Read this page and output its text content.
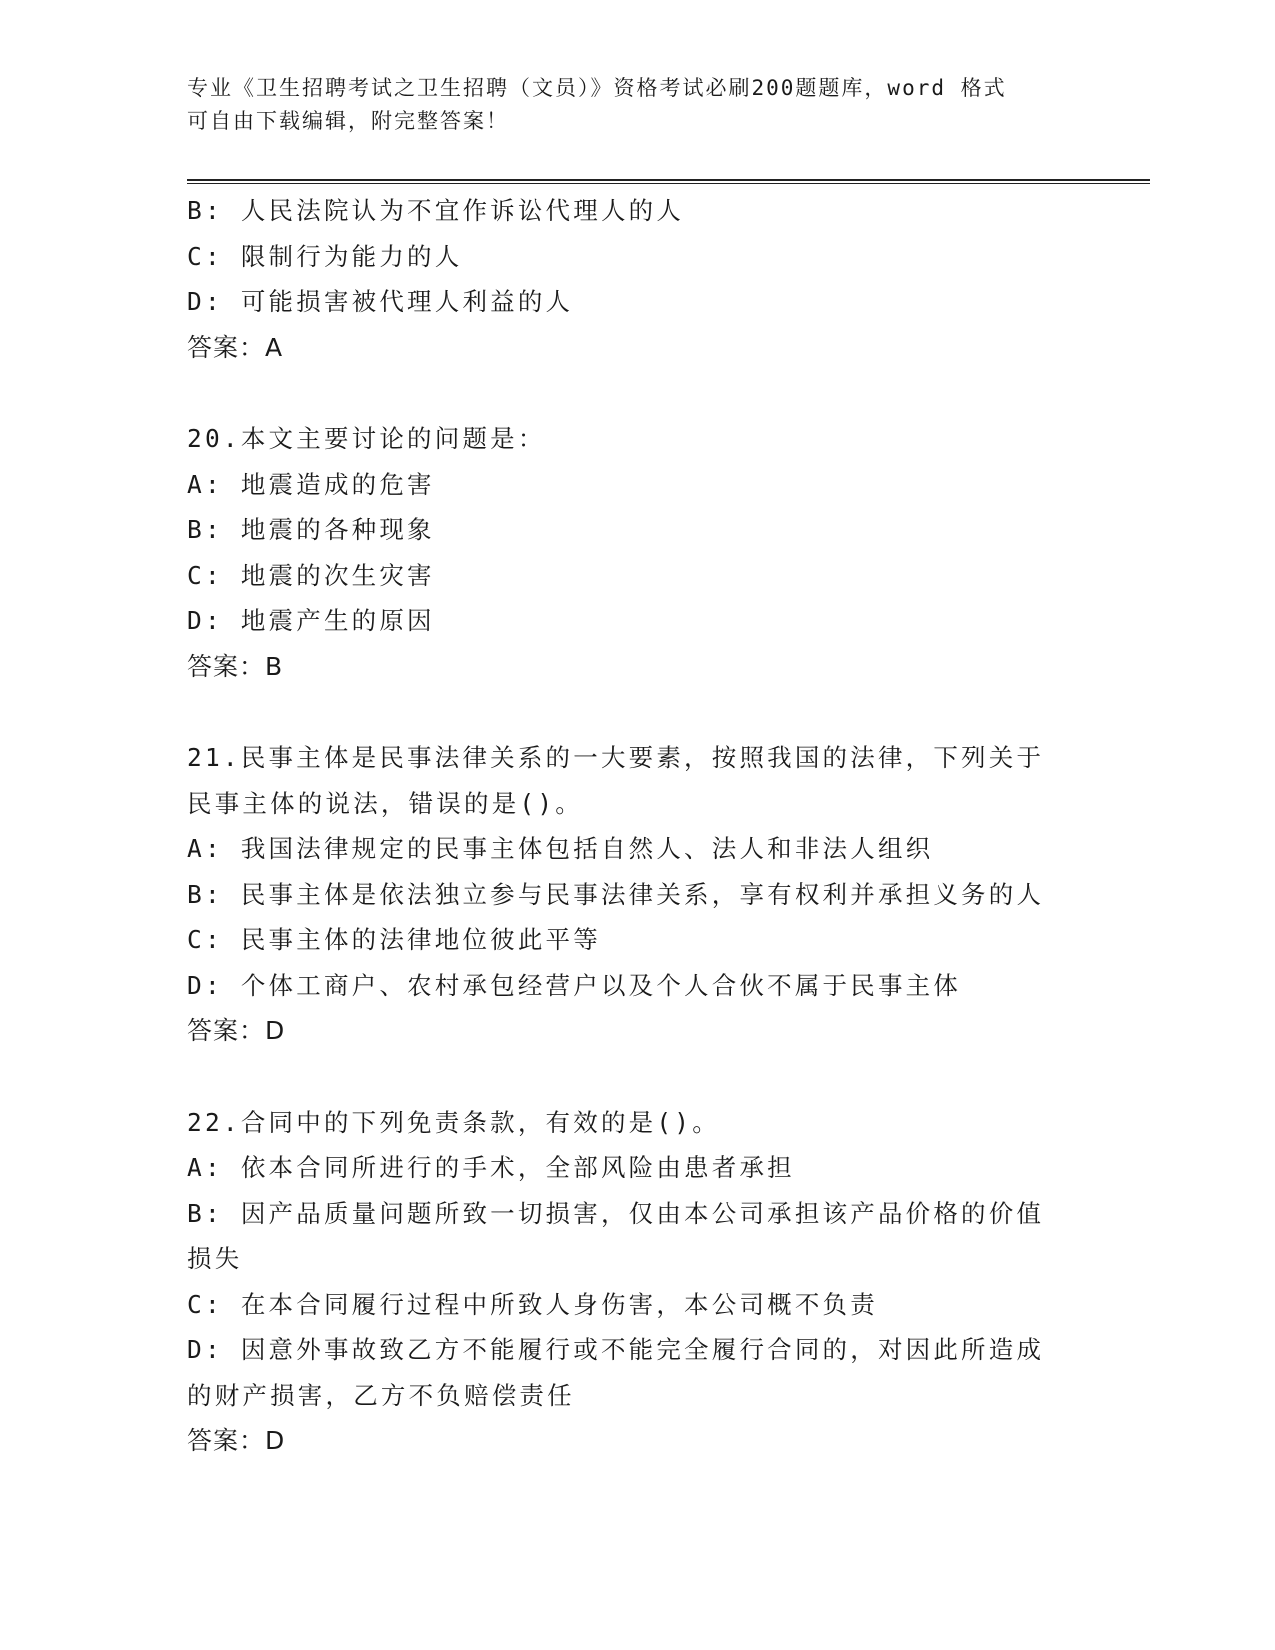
专业《卫生招聘考试之卫生招聘（文员）》资格考试必刷200题题库，word 格式
可自由下载编辑，附完整答案！
B: 人民法院认为不宜作诉讼代理人的人
C: 限制行为能力的人
D: 可能损害被代理人利益的人
答案：A
20.本文主要讨论的问题是：
A: 地震造成的危害
B: 地震的各种现象
C: 地震的次生灾害
D: 地震产生的原因
答案：B
21.民事主体是民事法律关系的一大要素，按照我国的法律，下列关于
民事主体的说法，错误的是()。
A: 我国法律规定的民事主体包括自然人、法人和非法人组织
B: 民事主体是依法独立参与民事法律关系，享有权利并承担义务的人
C: 民事主体的法律地位彼此平等
D: 个体工商户、农村承包经营户以及个人合伙不属于民事主体
答案：D
22.合同中的下列免责条款，有效的是()。
A: 依本合同所进行的手术，全部风险由患者承担
B: 因产品质量问题所致一切损害，仅由本公司承担该产品价格的价值
损失
C: 在本合同履行过程中所致人身伤害，本公司概不负责
D: 因意外事故致乙方不能履行或不能完全履行合同的，对因此所造成
的财产损害，乙方不负赔偿责任
答案：D
